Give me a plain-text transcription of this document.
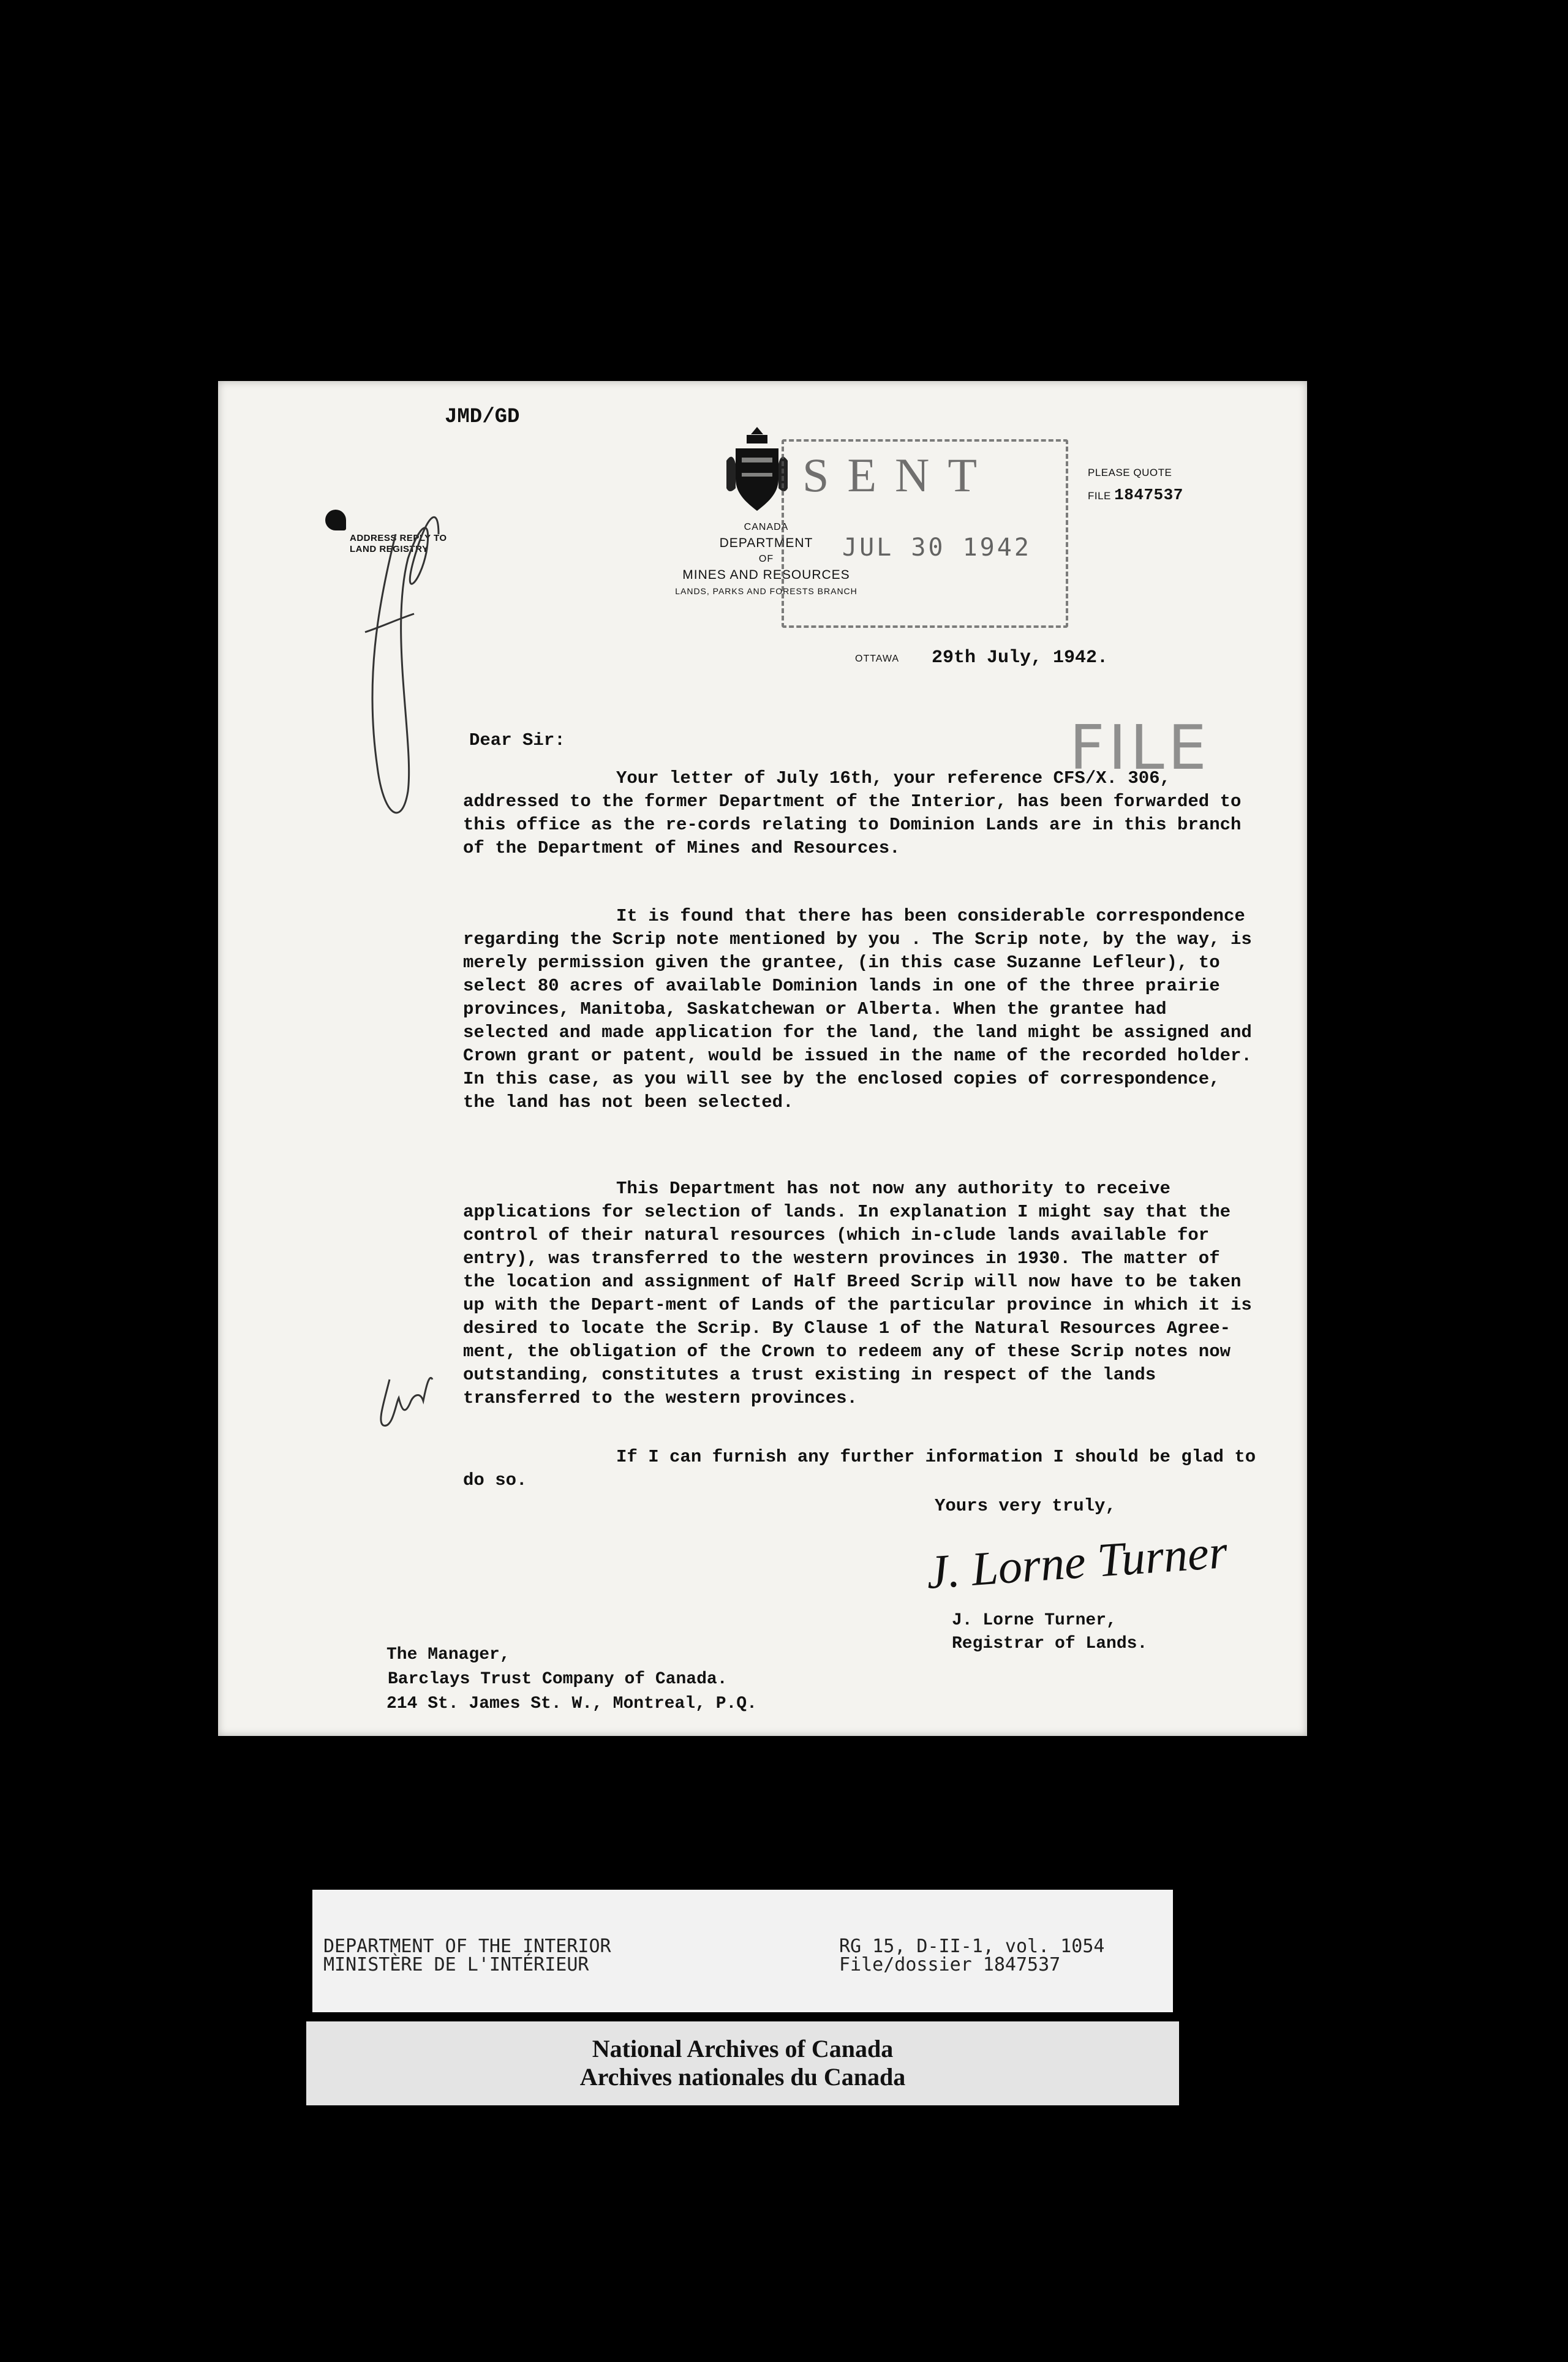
JMD/GD
ADDRESS REPLY TO
LAND REGISTRY
CANADA
DEPARTMENT
OF
MINES AND RESOURCES
LANDS, PARKS AND FORESTS BRANCH
SENT
JUL 30 1942
PLEASE QUOTE
FILE 1847537
OTTAWA 29th July, 1942.
FILE
Dear Sir:

Your letter of July 16th, your reference CFS/X. 306, addressed to the former Department of the Interior, has been forwarded to this office as the re-cords relating to Dominion Lands are in this branch of the Department of Mines and Resources.

It is found that there has been considerable correspondence regarding the Scrip note mentioned by you . The Scrip note, by the way, is merely permission given the grantee, (in this case Suzanne Lefleur), to select 80 acres of available Dominion lands in one of the three prairie provinces, Manitoba, Saskatchewan or Alberta. When the grantee had selected and made application for the land, the land might be assigned and Crown grant or patent, would be issued in the name of the recorded holder. In this case, as you will see by the enclosed copies of correspondence, the land has not been selected.

This Department has not now any authority to receive applications for selection of lands. In explanation I might say that the control of their natural resources (which in-clude lands available for entry), was transferred to the western provinces in 1930. The matter of the location and assignment of Half Breed Scrip will now have to be taken up with the Depart-ment of Lands of the particular province in which it is desired to locate the Scrip. By Clause 1 of the Natural Resources Agree-ment, the obligation of the Crown to redeem any of these Scrip notes now outstanding, constitutes a trust existing in respect of the lands transferred to the western provinces.

If I can furnish any further information I should be glad to do so.

Yours very truly,
J. Lorne Turner
J. Lorne Turner,
Registrar of Lands.
The Manager,
Barclays Trust Company of Canada.
214 St. James St. W., Montreal, P.Q.
DEPARTMENT OF THE INTERIOR
MINISTÈRE DE L'INTÉRIEUR
RG 15, D-II-1, vol. 1054
File/dossier 1847537
National Archives of Canada
Archives nationales du Canada
